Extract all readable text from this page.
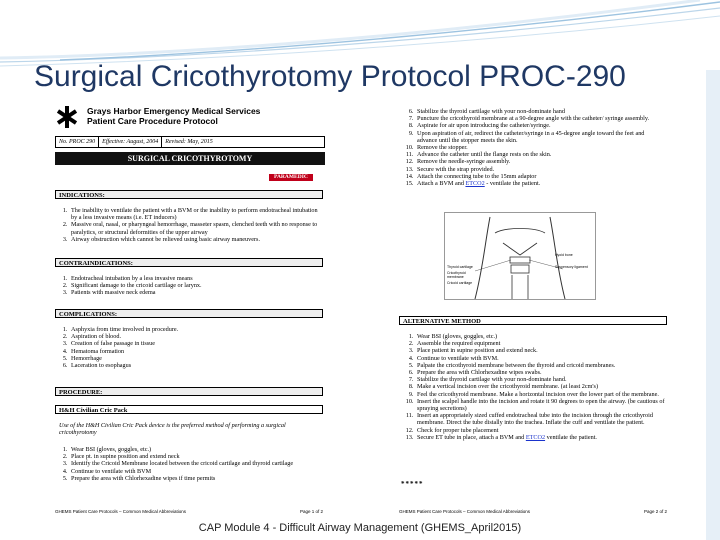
Surgical Cricothyrotomy Protocol PROC-290
Grays Harbor Emergency Medical Services
Patient Care Procedure Protocol
No. PROC 290	Effective: August, 2004	Revised: May, 2015
SURGICAL CRICOTHYROTOMY
PARAMEDIC
INDICATIONS:
1. The inability to ventilate the patient with a BVM or the inability to perform endotracheal intubation by a less invasive means (i.e. ET inducers)
2. Massive oral, nasal, or pharyngeal hemorrhage, masseter spasm, clenched teeth with no response to paralytics, or structural deformities of the upper airway
3. Airway obstruction which cannot be relieved using basic airway maneuvers.
CONTRAINDICATIONS:
1. Endotracheal intubation by a less invasive means
2. Significant damage to the cricoid cartilage or larynx.
3. Patients with massive neck edema
COMPLICATIONS:
1. Asphyxia from time involved in procedure.
2. Aspiration of blood.
3. Creation of false passage in tissue
4. Hematoma formation
5. Hemorrhage
6. Laceration to esophagus
PROCEDURE:
H&H Civilian Cric Pack
Use of the H&H Civilian Cric Pack device is the preferred method of performing a surgical cricothyrotomy
1. Wear BSI (gloves, goggles, etc.)
2. Place pt. in supine position and extend neck
3. Identify the Cricoid Membrane located between the cricoid cartilage and thyroid cartilage
4. Continue to ventilate with BVM
5. Prepare the area with Chlorhexadine wipes if time permits
GHEMS Patient Care Protocols – Common Medical Abbreviations	Page 1 of 2
6. Stabilize the thyroid cartilage with your non-dominate hand
7. Puncture the cricothyroid membrane at a 90-degree angle with the catheter/ syringe assembly.
8. Aspirate for air upon introducing the catheter/syringe.
9. Upon aspiration of air, redirect the catheter/syringe in a 45-degree angle toward the feet and advance until the stopper meets the skin.
10. Remove the stopper.
11. Advance the catheter until the flange rests on the skin.
12. Remove the needle-syringe assembly.
13. Secure with the strap provided.
14. Attach the connecting tube to the 15mm adaptor
15. Attach a BVM and ETCO2 - ventilate the patient.
Hyoid bone
Thyroid cartilage
Cricothyroid membrane
Cricoid cartilage
Suspensory ligament
ALTERNATIVE METHOD
1. Wear BSI (gloves, goggles, etc.)
2. Assemble the required equipment
3. Place patient in supine position and extend neck.
4. Continue to ventilate with BVM.
5. Palpate the cricothyroid membrane between the thyroid and cricoid membranes.
6. Prepare the area with Chlorhexadine wipes swabs.
7. Stabilize the thyroid cartilage with your non-dominate hand.
8. Make a vertical incision over the cricothyroid membrane. (at least 2cm's)
9. Feel the cricothyroid membrane. Make a horizontal incision over the lower part of the membrane.
10. Insert the scalpel handle into the incision and rotate it 90 degrees to open the airway. (be cautious of spraying secretions)
11. Insert an appropriately sized cuffed endotracheal tube into the incision through the cricothyroid membrane. Direct the tube distally into the trachea. Inflate the cuff and ventilate the patient.
12. Check for proper tube placement
13. Secure ET tube in place, attach a BVM and ETCO2 ventilate the patient.
*****
GHEMS Patient Care Protocols – Common Medical Abbreviations	Page 2 of 2
CAP Module 4 - Difficult Airway Management (GHEMS_April2015)
